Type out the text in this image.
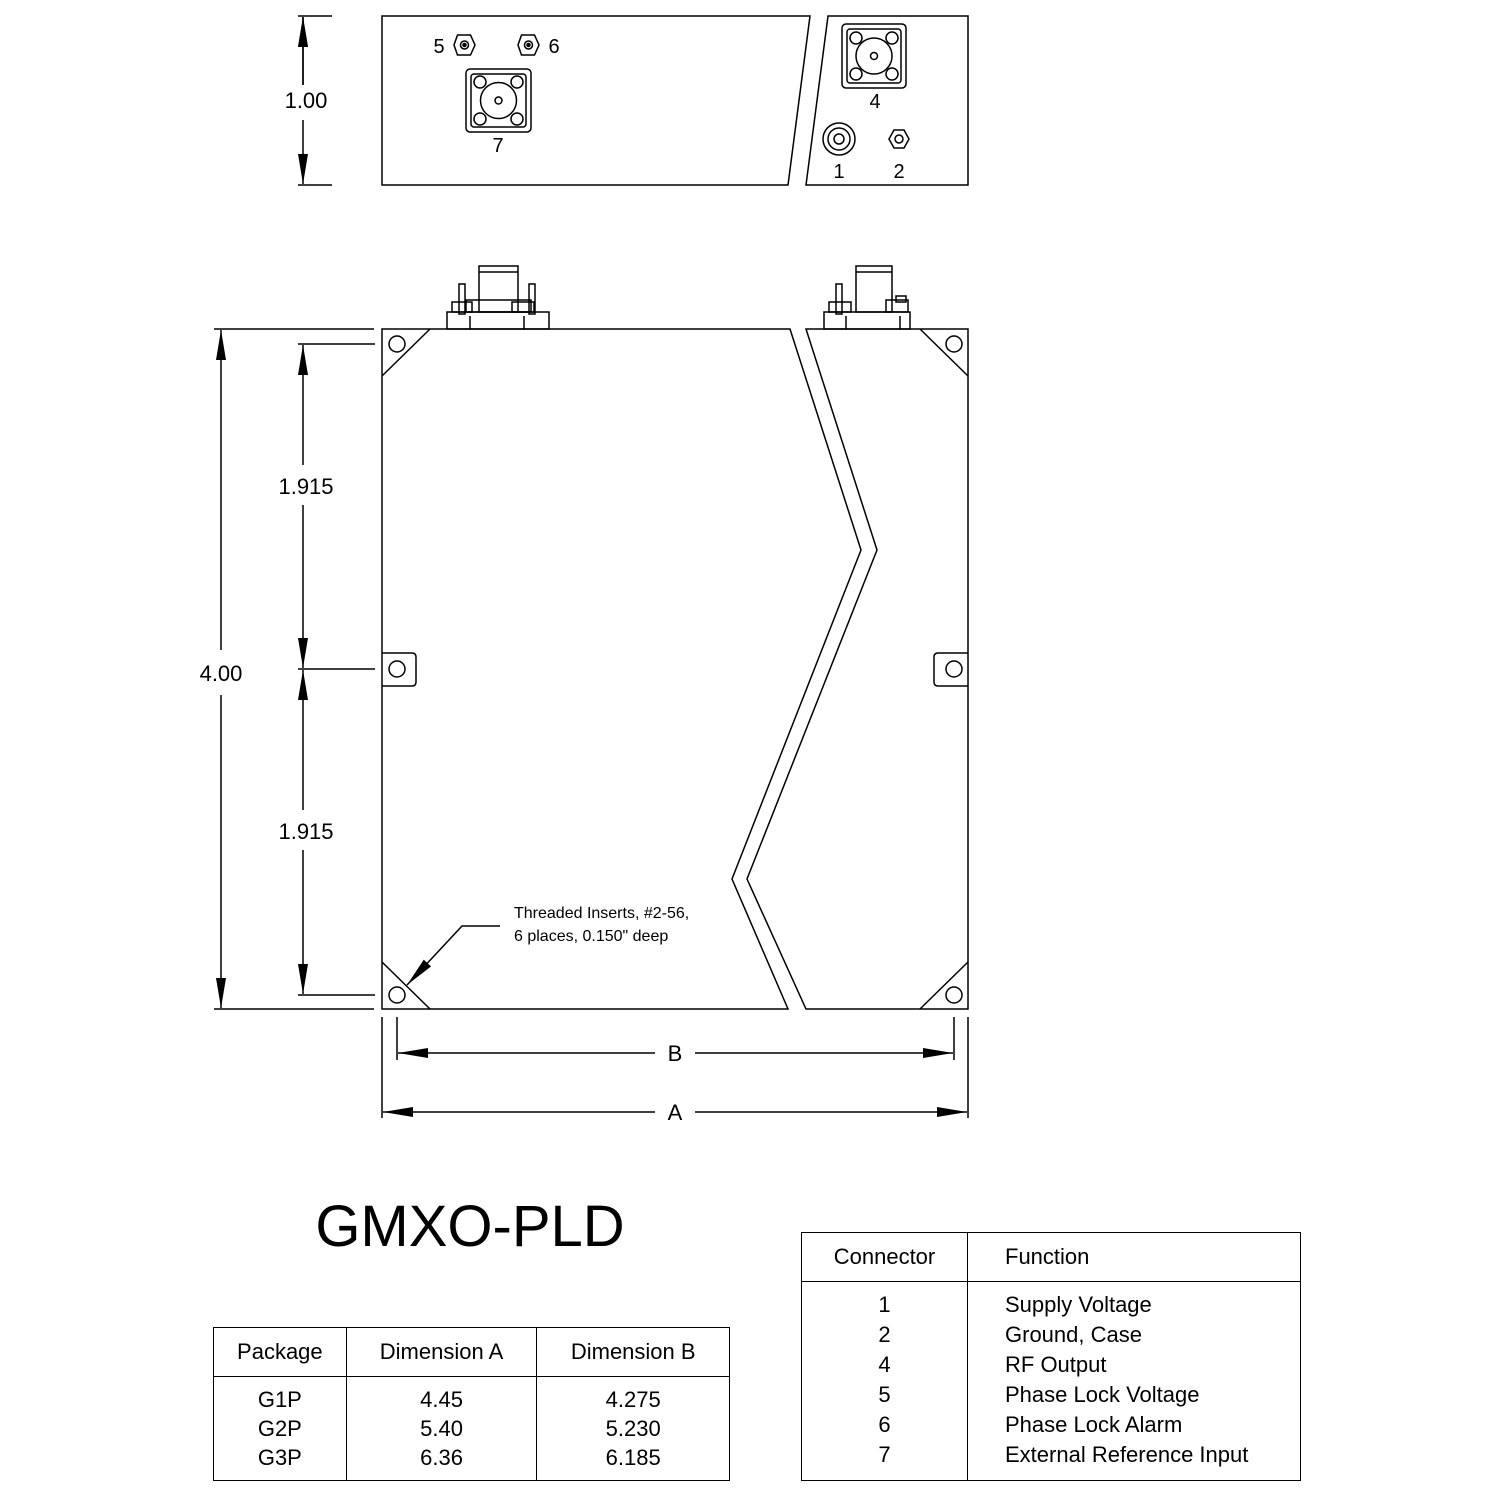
1.00
5	6
7
4
1 2
4.00
1.915
1.915
B
A
Threaded Inserts, #2-56,
6 places, 0.150" deep
GMXO-PLD
Package	Dimension A	Dimension B
G1P	4.45	4.275
G2P	5.40	5.230
G3P	6.36	6.185
Connector	Function
1	Supply Voltage
2	Ground, Case
4	RF Output
5	Phase Lock Voltage
6	Phase Lock Alarm
7	External Reference Input
